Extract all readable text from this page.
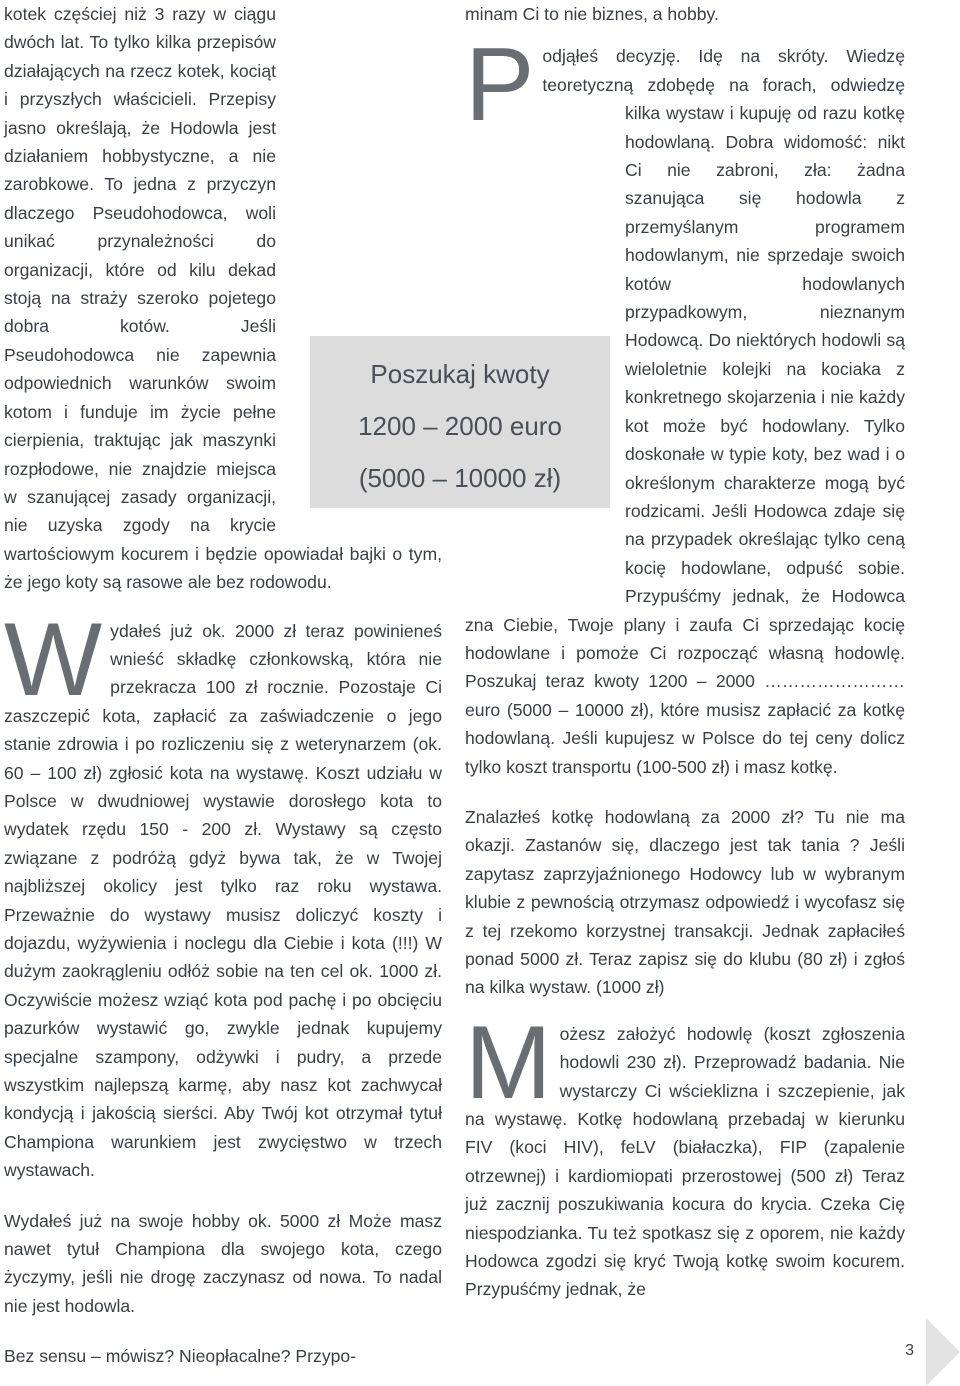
kotek częściej niż 3 razy w ciągu dwóch lat. To tylko kilka przepisów działających na rzecz kotek, kociąt i przyszłych właścicieli. Przepisy jasno określają, że Hodowla jest działaniem hobbystyczne, a nie zarobkowe. To jedna z przyczyn dlaczego Pseudohodowca, woli unikać przynależności do organizacji, które od kilu dekad stoją na straży szeroko pojetego dobra kotów. Jeśli Pseudohodowca nie zapewnia odpowiednich warunków swoim kotom i funduje im życie pełne cierpienia, traktując jak maszynki rozpłodowe, nie znajdzie miejsca w szanującej zasady organizacji, nie uzyska zgody na krycie wartościowym kocurem i będzie opowiadał bajki o tym, że jego koty są rasowe ale bez rodowodu.

W ydałeś już ok. 2000 zł teraz powinieneś wnieść składkę członkowską, która nie przekracza 100 zł rocznie. Pozostaje Ci zaszczepić kota, zapłacić za zaświadczenie o jego stanie zdrowia i po rozliczeniu się z weterynarzem (ok. 60 – 100 zł) zgłosić kota na wystawę. Koszt udziału w Polsce w dwudniowej wystawie dorosłego kota to wydatek rzędu 150 - 200 zł. Wystawy są często związane z podróżą gdyż bywa tak, że w Twojej najbliższej okolicy jest tylko raz roku wystawa. Przeważnie do wystawy musisz doliczyć koszty i dojazdu, wyżywienia i noclegu dla Ciebie i kota (!!!) W dużym zaokrągleniu odłóż sobie na ten cel ok. 1000 zł. Oczywiście możesz wziąć kota pod pachę i po obcięciu pazurków wystawić go, zwykle jednak kupujemy specjalne szampony, odżywki i pudry, a przede wszystkim najlepszą karmę, aby nasz kot zachwycał kondycją i jakością sierści. Aby Twój kot otrzymał tytuł Championa warunkiem jest zwycięstwo w trzech wystawach.

Wydałeś już na swoje hobby ok. 5000 zł Może masz nawet tytuł Championa dla swojego kota, czego życzymy, jeśli nie drogę zaczynasz od nowa. To nadal nie jest hodowla.

Bez sensu – mówisz? Nieopłacalne? Przypo-

minam Ci to nie biznes, a hobby.

P odjąłeś decyzję. Idę na skróty. Wiedzę teoretyczną zdobędę na forach, odwiedzę kilka wystaw i kupuję od razu kotkę hodowlaną. Dobra widomość: nikt Ci nie zabroni, zła: żadna szanująca się hodowla z przemyślanym programem hodowlanym, nie sprzedaje swoich kotów hodowlanych przypadkowym, nieznanym Hodowcą. Do niektórych hodowli są wieloletnie kolejki na kociaka z konkretnego skojarzenia i nie każdy kot może być hodowlany. Tylko doskonałe w typie koty, bez wad i o określonym charakterze mogą być rodzicami. Jeśli Hodowca zdaje się na przypadek określając tylko ceną kocię hodowlane, odpuść sobie. Przypuśćmy jednak, że Hodowca zna Ciebie, Twoje plany i zaufa Ci sprzedając kocię hodowlane i pomoże Ci rozpocząć własną hodowlę. Poszukaj teraz kwoty 1200 – 2000 …………………… euro (5000 – 10000 zł), które musisz zapłacić za kotkę hodowlaną. Jeśli kupujesz w Polsce do tej ceny dolicz tylko koszt transportu (100-500 zł) i masz kotkę.

Znalazłeś kotkę hodowlaną za 2000 zł? Tu nie ma okazji. Zastanów się, dlaczego jest tak tania ? Jeśli zapytasz zaprzyjaźnionego Hodowcy lub w wybranym klubie z pewnością otrzymasz odpowiedź i wycofasz się z tej rzekomo korzystnej transakcji. Jednak zapłaciłeś ponad 5000 zł. Teraz zapisz się do klubu (80 zł) i zgłoś na kilka wystaw. (1000 zł)

M ożesz założyć hodowlę (koszt zgłoszenia hodowli 230 zł). Przeprowadź badania. Nie wystarczy Ci wścieklizna i szczepienie, jak na wystawę. Kotkę hodowlaną przebadaj w kierunku FIV (koci HIV), feLV (białaczka), FIP (zapalenie otrzewnej) i kardiomiopati przerostowej (500 zł) Teraz już zacznij poszukiwania kocura do krycia. Czeka Cię niespodzianka. Tu też spotkasz się z oporem, nie każdy Hodowca zgodzi się kryć Twoją kotkę swoim kocurem. Przypuśćmy jednak, że

Poszukaj kwoty
1200 – 2000 euro
(5000 – 10000 zł)
3
